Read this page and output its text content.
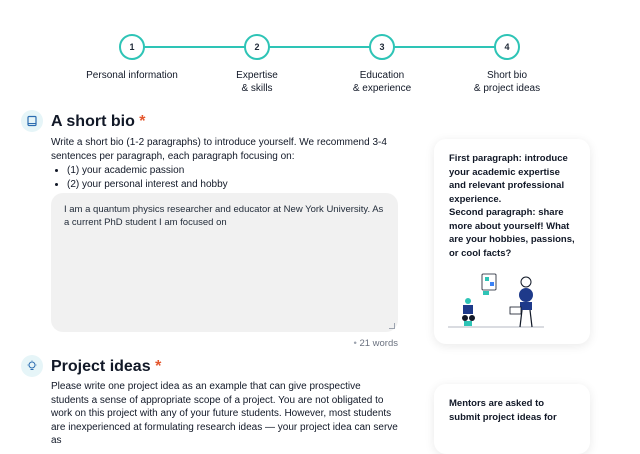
1
Personal information
2
Expertise
& skills
3
Education
& experience
4
Short bio
& project ideas
A short bio *

Write a short bio (1-2 paragraphs) to introduce yourself. We recommend 3-4 sentences per paragraph, each paragraph focusing on:

• (1) your academic passion
• (2) your personal interest and hobby
I am a quantum physics researcher and educator at New York University. As a current PhD student I am focused on
• 21 words
First paragraph: introduce your academic expertise and relevant professional experience.
Second paragraph: share more about yourself! What are your hobbies, passions, or cool facts?
Project ideas *

Please write one project idea as an example that can give prospective students a sense of appropriate scope of a project. You are not obligated to work on this project with any of your future students. However, most students are inexperienced at formulating research ideas — your project idea can serve as

Mentors are asked to submit project ideas for
